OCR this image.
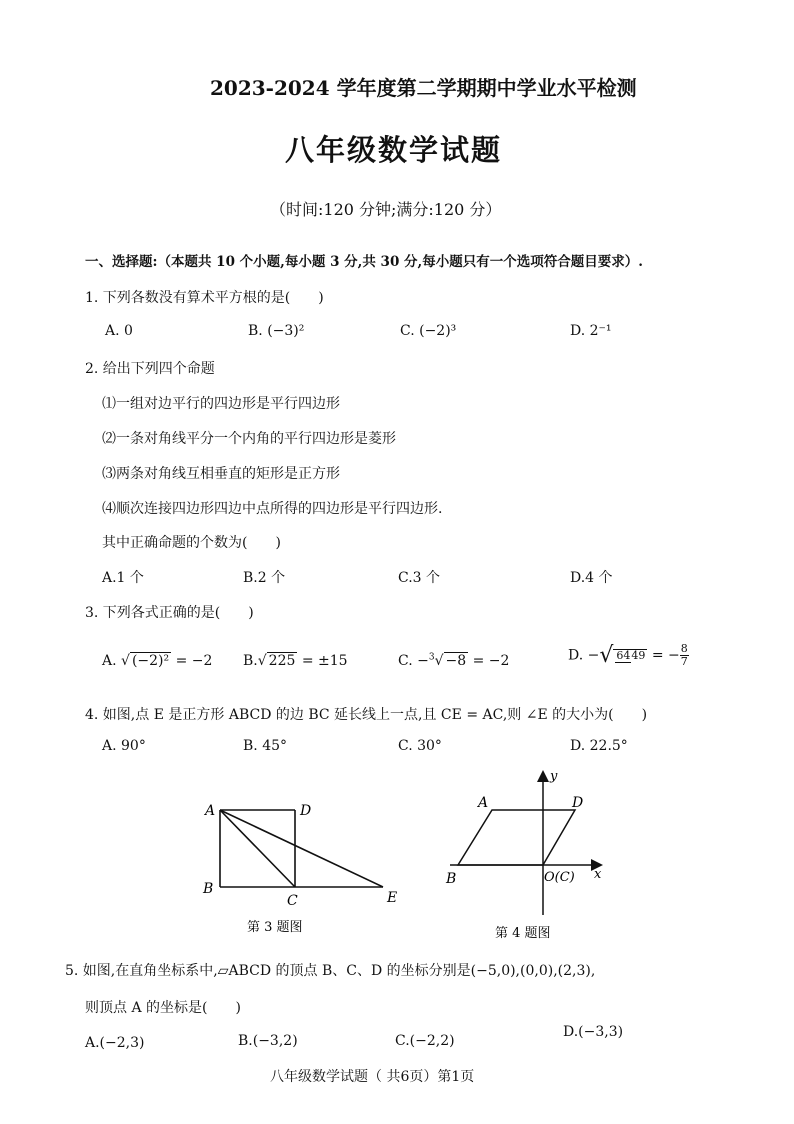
2023-2024 学年度第二学期期中学业水平检测
八年级数学试题
（时间:120 分钟;满分:120 分）
一、选择题:（本题共 10 个小题,每小题 3 分,共 30 分,每小题只有一个选项符合题目要求）.
1. 下列各数没有算术平方根的是(　　)
A. 0	B. (−3)²	C. (−2)³	D. 2⁻¹
2. 给出下列四个命题
⑴一组对边平行的四边形是平行四边形
⑵一条对角线平分一个内角的平行四边形是菱形
⑶两条对角线互相垂直的矩形是正方形
⑷顺次连接四边形四边中点所得的四边形是平行四边形.
其中正确命题的个数为(　　)
A.1 个	B.2 个	C.3 个	D.4 个
3. 下列各式正确的是(　　)
A. √ (−2)² = −2 B.√ 225 = ±15	C. −$^3$√ −8 = −2	D. −√ 6449 = − $\frac{8}{7}$
4. 如图,点 E 是正方形 ABCD 的边 BC 延长线上一点,且 CE = AC,则 ∠E 的大小为(　　)
A. 90°	B. 45°	C. 30°	D. 22.5°
A	D
B
C	E
第 3 题图
y
A	D
B	O(C) x
第 4 题图
5. 如图,在直角坐标系中,▱ABCD 的顶点 B、C、D 的坐标分别是(−5,0),(0,0),(2,3),
则顶点 A 的坐标是(　　)
A.(−2,3)	B.(−3,2)	C.(−2,2)
D.(−3,3)
八年级数学试题（ 共6页）第1页
